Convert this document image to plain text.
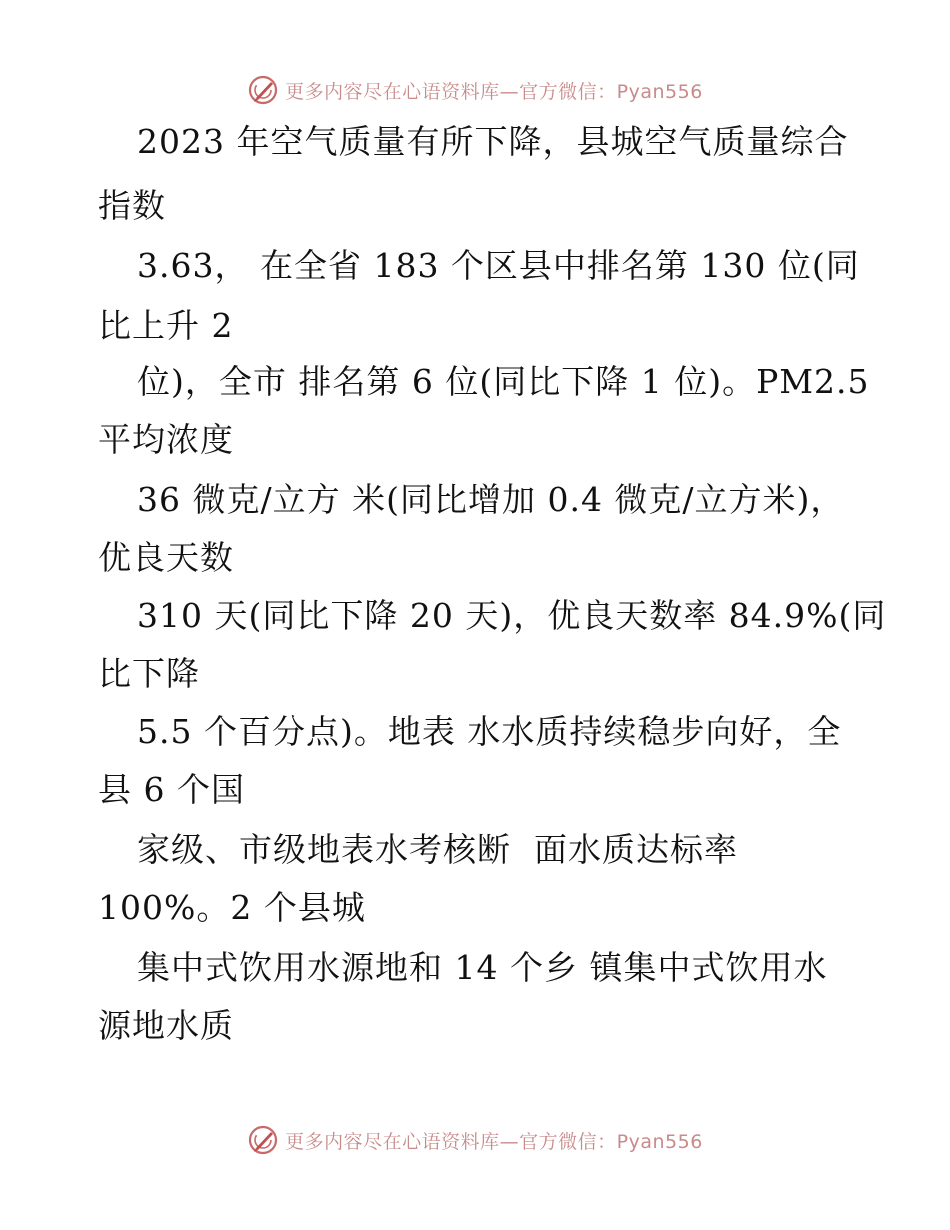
更多内容尽在心语资料库—官方微信：Pyan556
2023 年空气质量有所下降，县城空气质量综合
指数
3.63， 在全省 183 个区县中排名第 130 位(同
比上升 2
位)，全市 排名第 6 位(同比下降 1 位)。PM2.5
平均浓度
36 微克/立方 米(同比增加 0.4 微克/立方米)，
优良天数
310 天(同比下降 20 天)，优良天数率 84.9%(同
比下降
5.5 个百分点)。地表 水水质持续稳步向好，全
县 6 个国
家级、市级地表水考核断  面水质达标率
100%。2 个县城
集中式饮用水源地和 14 个乡 镇集中式饮用水
源地水质
更多内容尽在心语资料库—官方微信：Pyan556
